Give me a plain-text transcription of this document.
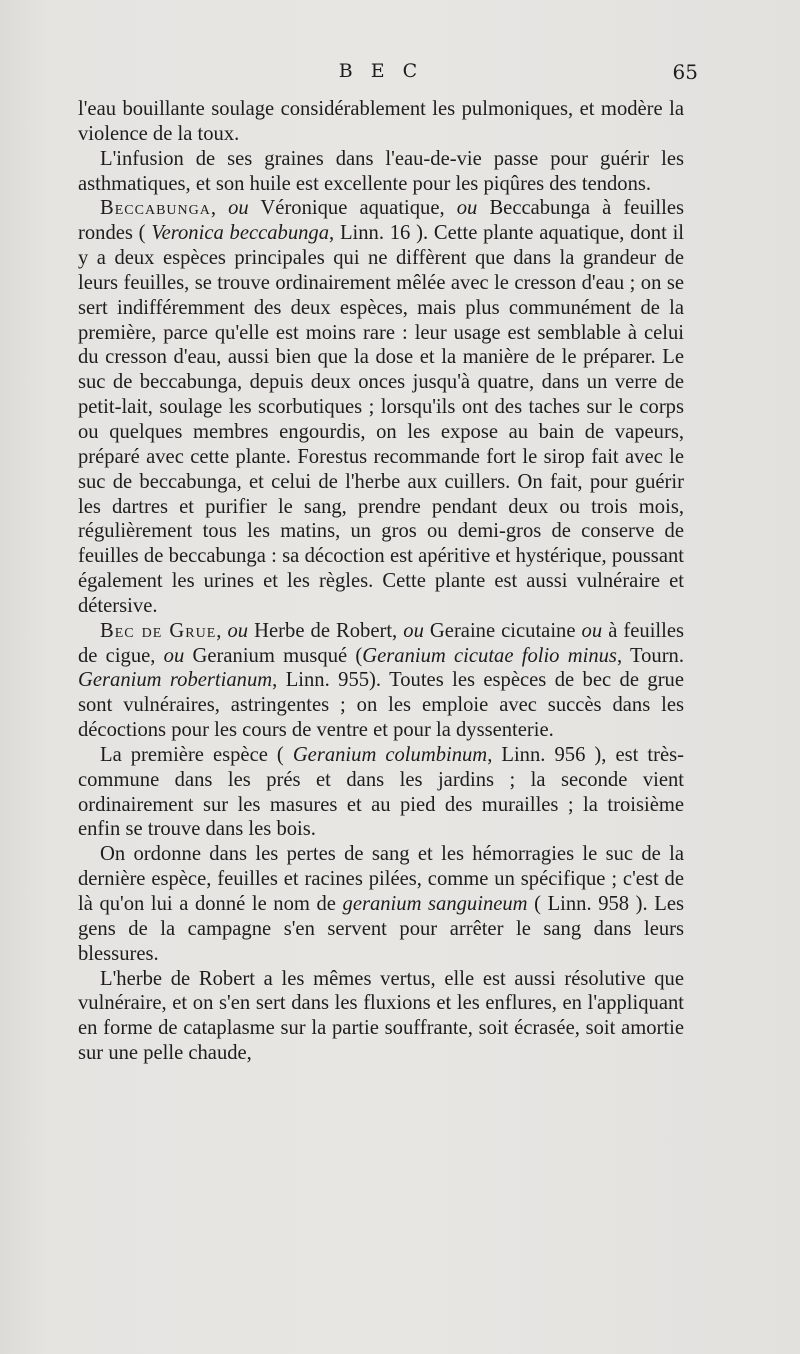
B E C	65

l'eau bouillante soulage considérablement les pulmoniques, et modère la violence de la toux.

L'infusion de ses graines dans l'eau-de-vie passe pour guérir les asthmatiques, et son huile est excellente pour les piqûres des tendons.

Beccabunga, ou Véronique aquatique, ou Beccabunga à feuilles rondes ( Veronica beccabunga, Linn. 16 ). Cette plante aquatique, dont il y a deux espèces principales qui ne diffèrent que dans la grandeur de leurs feuilles, se trouve ordinairement mêlée avec le cresson d'eau ; on se sert indifféremment des deux espèces, mais plus communément de la première, parce qu'elle est moins rare : leur usage est semblable à celui du cresson d'eau, aussi bien que la dose et la manière de le préparer. Le suc de beccabunga, depuis deux onces jusqu'à quatre, dans un verre de petit-lait, soulage les scorbutiques ; lorsqu'ils ont des taches sur le corps ou quelques membres engourdis, on les expose au bain de vapeurs, préparé avec cette plante. Forestus recommande fort le sirop fait avec le suc de beccabunga, et celui de l'herbe aux cuillers. On fait, pour guérir les dartres et purifier le sang, prendre pendant deux ou trois mois, régulièrement tous les matins, un gros ou demi-gros de conserve de feuilles de beccabunga : sa décoction est apéritive et hystérique, poussant également les urines et les règles. Cette plante est aussi vulnéraire et détersive.

Bec de Grue, ou Herbe de Robert, ou Geraine cicutaine ou à feuilles de cigue, ou Geranium musqué (Geranium cicutae folio minus, Tourn. Geranium robertianum, Linn. 955). Toutes les espèces de bec de grue sont vulnéraires, astringentes ; on les emploie avec succès dans les décoctions pour les cours de ventre et pour la dyssenterie.

La première espèce ( Geranium columbinum, Linn. 956 ), est très-commune dans les prés et dans les jardins ; la seconde vient ordinairement sur les masures et au pied des murailles ; la troisième enfin se trouve dans les bois.

On ordonne dans les pertes de sang et les hémorragies le suc de la dernière espèce, feuilles et racines pilées, comme un spécifique ; c'est de là qu'on lui a donné le nom de geranium sanguineum ( Linn. 958 ). Les gens de la campagne s'en servent pour arrêter le sang dans leurs blessures.

L'herbe de Robert a les mêmes vertus, elle est aussi résolutive que vulnéraire, et on s'en sert dans les fluxions et les enflures, en l'appliquant en forme de cataplasme sur la partie souffrante, soit écrasée, soit amortie sur une pelle chaude,
